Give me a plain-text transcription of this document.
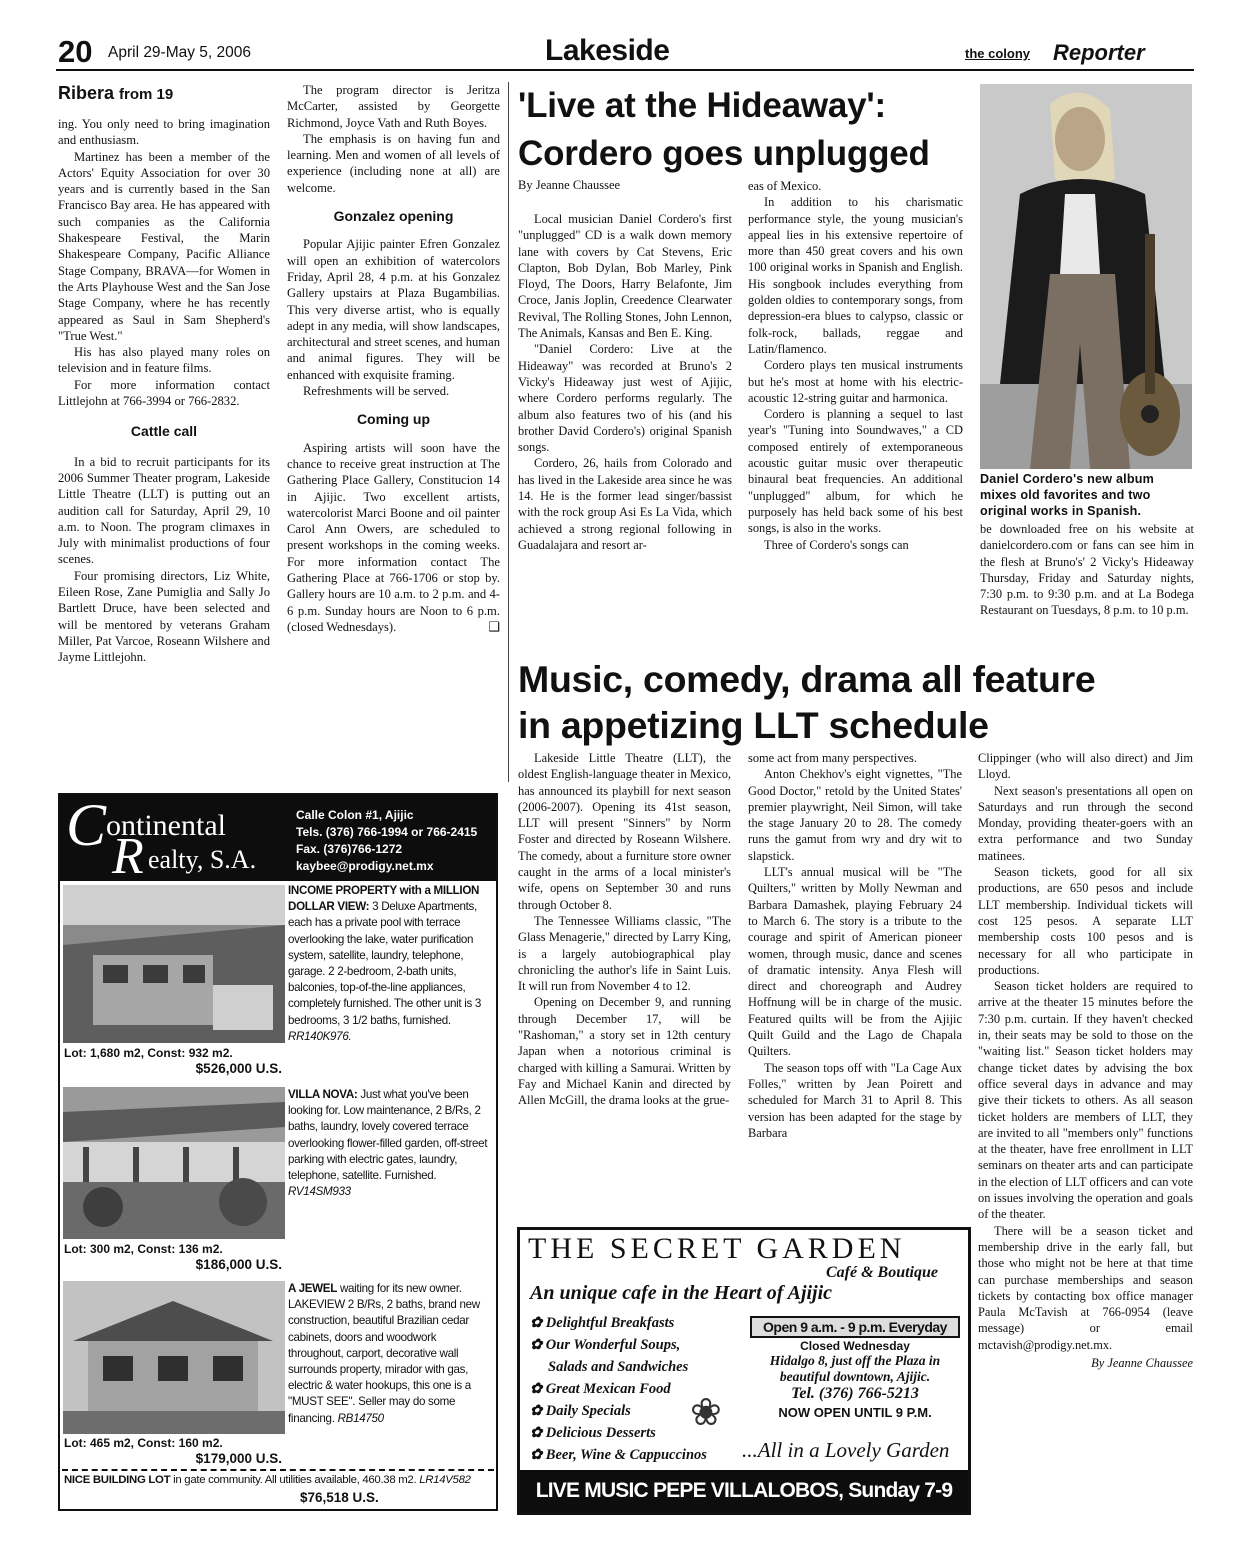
20 April 29-May 5, 2006	Lakeside	the colony Reporter
Ribera from 19

ing. You only need to bring imagination and enthusiasm.

Martinez has been a member of the Actors' Equity Association for over 30 years and is currently based in the San Francisco Bay area. He has appeared with such companies as the California Shakespeare Festival, the Marin Shakespeare Company, Pacific Alliance Stage Company, BRAVA—for Women in the Arts Playhouse West and the San Jose Stage Company, where he has recently appeared as Saul in Sam Shepherd's "True West."

His has also played many roles on television and in feature films.

For more information contact Littlejohn at 766-3994 or 766-2832.

Cattle call

In a bid to recruit participants for its 2006 Summer Theater program, Lakeside Little Theatre (LLT) is putting out an audition call for Saturday, April 29, 10 a.m. to Noon. The program climaxes in July with minimalist productions of four scenes.

Four promising directors, Liz White, Eileen Rose, Zane Pumiglia and Sally Jo Bartlett Druce, have been selected and will be mentored by veterans Graham Miller, Pat Varcoe, Roseann Wilshere and Jayme Littlejohn.

The program director is Jeritza McCarter, assisted by Georgette Richmond, Joyce Vath and Ruth Boyes.

The emphasis is on having fun and learning. Men and women of all levels of experience (including none at all) are welcome.

Gonzalez opening

Popular Ajijic painter Efren Gonzalez will open an exhibition of watercolors Friday, April 28, 4 p.m. at his Gonzalez Gallery upstairs at Plaza Bugambilias. This very diverse artist, who is equally adept in any media, will show landscapes, architectural and street scenes, and human and animal figures. They will be enhanced with exquisite framing.

Refreshments will be served.

Coming up

Aspiring artists will soon have the chance to receive great instruction at The Gathering Place Gallery, Constitucion 14 in Ajijic. Two excellent artists, watercolorist Marci Boone and oil painter Carol Ann Owers, are scheduled to present workshops in the coming weeks. For more information contact The Gathering Place at 766-1706 or stop by. Gallery hours are 10 a.m. to 2 p.m. and 4-6 p.m. Sunday hours are Noon to 6 p.m. (closed Wednesdays).	❑
'Live at the Hideaway':
Cordero goes unplugged
By Jeanne Chaussee

Local musician Daniel Cordero's first "unplugged" CD is a walk down memory lane with covers by Cat Stevens, Eric Clapton, Bob Dylan, Bob Marley, Pink Floyd, The Doors, Harry Belafonte, Jim Croce, Janis Joplin, Creedence Clearwater Revival, The Rolling Stones, John Lennon, The Animals, Kansas and Ben E. King.

"Daniel Cordero: Live at the Hideaway" was recorded at Bruno's 2 Vicky's Hideaway just west of Ajijic, where Cordero performs regularly. The album also features two of his (and his brother David Cordero's) original Spanish songs.

Cordero, 26, hails from Colorado and has lived in the Lakeside area since he was 14. He is the former lead singer/bassist with the rock group Asi Es La Vida, which achieved a strong regional following in Guadalajara and resort ar-

eas of Mexico.

In addition to his charismatic performance style, the young musician's appeal lies in his extensive repertoire of more than 450 great covers and his own 100 original works in Spanish and English. His songbook includes everything from golden oldies to contemporary songs, from depression-era blues to calypso, classic or folk-rock, ballads, reggae and Latin/flamenco.

Cordero plays ten musical instruments but he's most at home with his electric-acoustic 12-string guitar and harmonica.

Cordero is planning a sequel to last year's "Tuning into Soundwaves," a CD composed entirely of extemporaneous acoustic guitar music over therapeutic binaural beat frequencies. An additional "unplugged" album, for which he purposely has held back some of his best songs, is also in the works.

Three of Cordero's songs can

Daniel Cordero's new album mixes old favorites and two original works in Spanish.

be downloaded free on his website at danielcordero.com or fans can see him in the flesh at Bruno's' 2 Vicky's Hideaway Thursday, Friday and Saturday nights, 7:30 p.m. to 9:30 p.m. and at La Bodega Restaurant on Tuesdays, 8 p.m. to 10 p.m.

Music, comedy, drama all feature
in appetizing LLT schedule

Lakeside Little Theatre (LLT), the oldest English-language theater in Mexico, has announced its playbill for next season (2006-2007). Opening its 41st season, LLT will present "Sinners" by Norm Foster and directed by Roseann Wilshere. The comedy, about a furniture store owner caught in the arms of a local minister's wife, opens on September 30 and runs through October 8.

The Tennessee Williams classic, "The Glass Menagerie," directed by Larry King, is a largely autobiographical play chronicling the author's life in Saint Luis. It will run from November 4 to 12.

Opening on December 9, and running through December 17, will be "Rashoman," a story set in 12th century Japan when a notorious criminal is charged with killing a Samurai. Written by Fay and Michael Kanin and directed by Allen McGill, the drama looks at the grue-

some act from many perspectives.

Anton Chekhov's eight vignettes, "The Good Doctor," retold by the United States' premier playwright, Neil Simon, will take the stage January 20 to 28. The comedy runs the gamut from wry and dry wit to slapstick.

LLT's annual musical will be "The Quilters," written by Molly Newman and Barbara Damashek, playing February 24 to March 6. The story is a tribute to the courage and spirit of American pioneer women, through music, dance and scenes of dramatic intensity. Anya Flesh will direct and choreograph and Audrey Hoffnung will be in charge of the music. Featured quilts will be from the Ajijic Quilt Guild and the Lago de Chapala Quilters.

The season tops off with "La Cage Aux Folles," written by Jean Poirett and scheduled for March 31 to April 8. This version has been adapted for the stage by Barbara

Clippinger (who will also direct) and Jim Lloyd.

Next season's presentations all open on Saturdays and run through the second Monday, providing theater-goers with an extra performance and two Sunday matinees.

Season tickets, good for all six productions, are 650 pesos and include LLT membership. Individual tickets will cost 125 pesos. A separate LLT membership costs 100 pesos and is necessary for all who participate in productions.

Season ticket holders are required to arrive at the theater 15 minutes before the 7:30 p.m. curtain. If they haven't checked in, their seats may be sold to those on the "waiting list." Season ticket holders may change ticket dates by advising the box office several days in advance and may give their tickets to others. As all season ticket holders are members of LLT, they are invited to all "members only" functions at the theater, have free enrollment in LLT seminars on theater arts and can participate in the election of LLT officers and can vote on issues involving the operation and goals of the theater.

There will be a season ticket and membership drive in the early fall, but those who might not be here at that time can purchase memberships and season tickets by contacting box office manager Paula McTavish at 766-0954 (leave message) or email mctavish@prodigy.net.mx.

By Jeanne Chaussee
C ontinental
R ealty, S.A.
Calle Colon #1, Ajijic
Tels. (376) 766-1994 or 766-2415
Fax. (376)766-1272
kaybee@prodigy.net.mx
Lot: 1,680 m2, Const: 932 m2.
$526,000 U.S.
INCOME PROPERTY with a MILLION DOLLAR VIEW: 3 Deluxe Apartments, each has a private pool with terrace overlooking the lake, water purification system, satellite, laundry, telephone, garage. 2 2-bedroom, 2-bath units, balconies, top-of-the-line appliances, completely furnished. The other unit is 3 bedrooms, 3 1/2 baths, furnished. RR140K976.
Lot: 300 m2, Const: 136 m2.
$186,000 U.S.
VILLA NOVA: Just what you've been looking for. Low maintenance, 2 B/Rs, 2 baths, laundry, lovely covered terrace overlooking flower-filled garden, off-street parking with electric gates, laundry, telephone, satellite. Furnished. RV14SM933
Lot: 465 m2, Const: 160 m2.
$179,000 U.S.
A JEWEL waiting for its new owner. LAKEVIEW 2 B/Rs, 2 baths, brand new construction, beautiful Brazilian cedar cabinets, doors and woodwork throughout, carport, decorative wall surrounds property, mirador with gas, electric & water hookups, this one is a "MUST SEE". Seller may do some financing. RB14750
NICE BUILDING LOT in gate community. All utilities available, 460.38 m2. LR14V582
$76,518 U.S.
THE SECRET GARDEN
Café & Boutique
An unique cafe in the Heart of Ajijic
✿ Delightful Breakfasts
✿ Our Wonderful Soups,
Salads and Sandwiches
✿ Great Mexican Food
✿ Daily Specials
✿ Delicious Desserts
✿ Beer, Wine & Cappuccinos
❀
Open 9 a.m. - 9 p.m. Everyday
Closed Wednesday
Hidalgo 8, just off the Plaza in beautiful downtown, Ajijic.
Tel. (376) 766-5213
NOW OPEN UNTIL 9 P.M.
...All in a Lovely Garden
LIVE MUSIC PEPE VILLALOBOS, Sunday 7-9 p.m.
